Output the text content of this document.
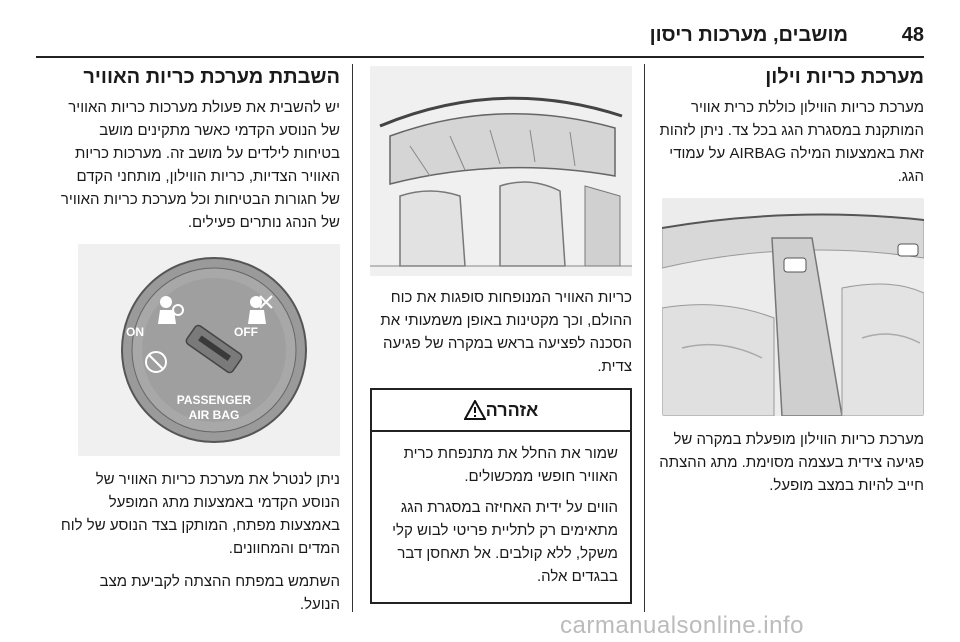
48
מושבים, מערכות ריסון
מערכת כריות וילון

מערכת כריות הווילון כוללת כרית אוויר המותקנת במסגרת הגג בכל צד. ניתן לזהות זאת באמצעות המילה AIRBAG על עמודי הגג.

מערכת כריות הווילון מופעלת במקרה של פגיעה צידית בעצמה מסוימת. מתג ההצתה חייב להיות במצב מופעל.

כריות האוויר המנופחות סופגות את כוח ההולם, וכך מקטינות באופן משמעותי את הסכנה לפציעה בראש במקרה של פגיעה צדית.

אזהרה

שמור את החלל את מתנפחת כרית האוויר חופשי ממכשולים.

הווים על ידית האחיזה במסגרת הגג מתאימים רק לתליית פריטי לבוש קלי משקל, ללא קולבים. אל תאחסן דבר בבגדים אלה.

השבתת מערכת כריות האוויר

יש להשבית את פעולת מערכות כריות האוויר של הנוסע הקדמי כאשר מתקינים מושב בטיחות לילדים על מושב זה. מערכות כריות האוויר הצדיות, כריות הווילון, מותחני הקדם של חגורות הבטיחות וכל מערכת כריות האוויר של הנהג נותרים פעילים.

ON	OFF
PASSENGER
AIR BAG

ניתן לנטרל את מערכת כריות האוויר של הנוסע הקדמי באמצעות מתג המופעל באמצעות מפתח, המותקן בצד הנוסע של לוח המדים והמחוונים.

השתמש במפתח ההצתה לקביעת מצב הנועל.

carmanualsonline.info
